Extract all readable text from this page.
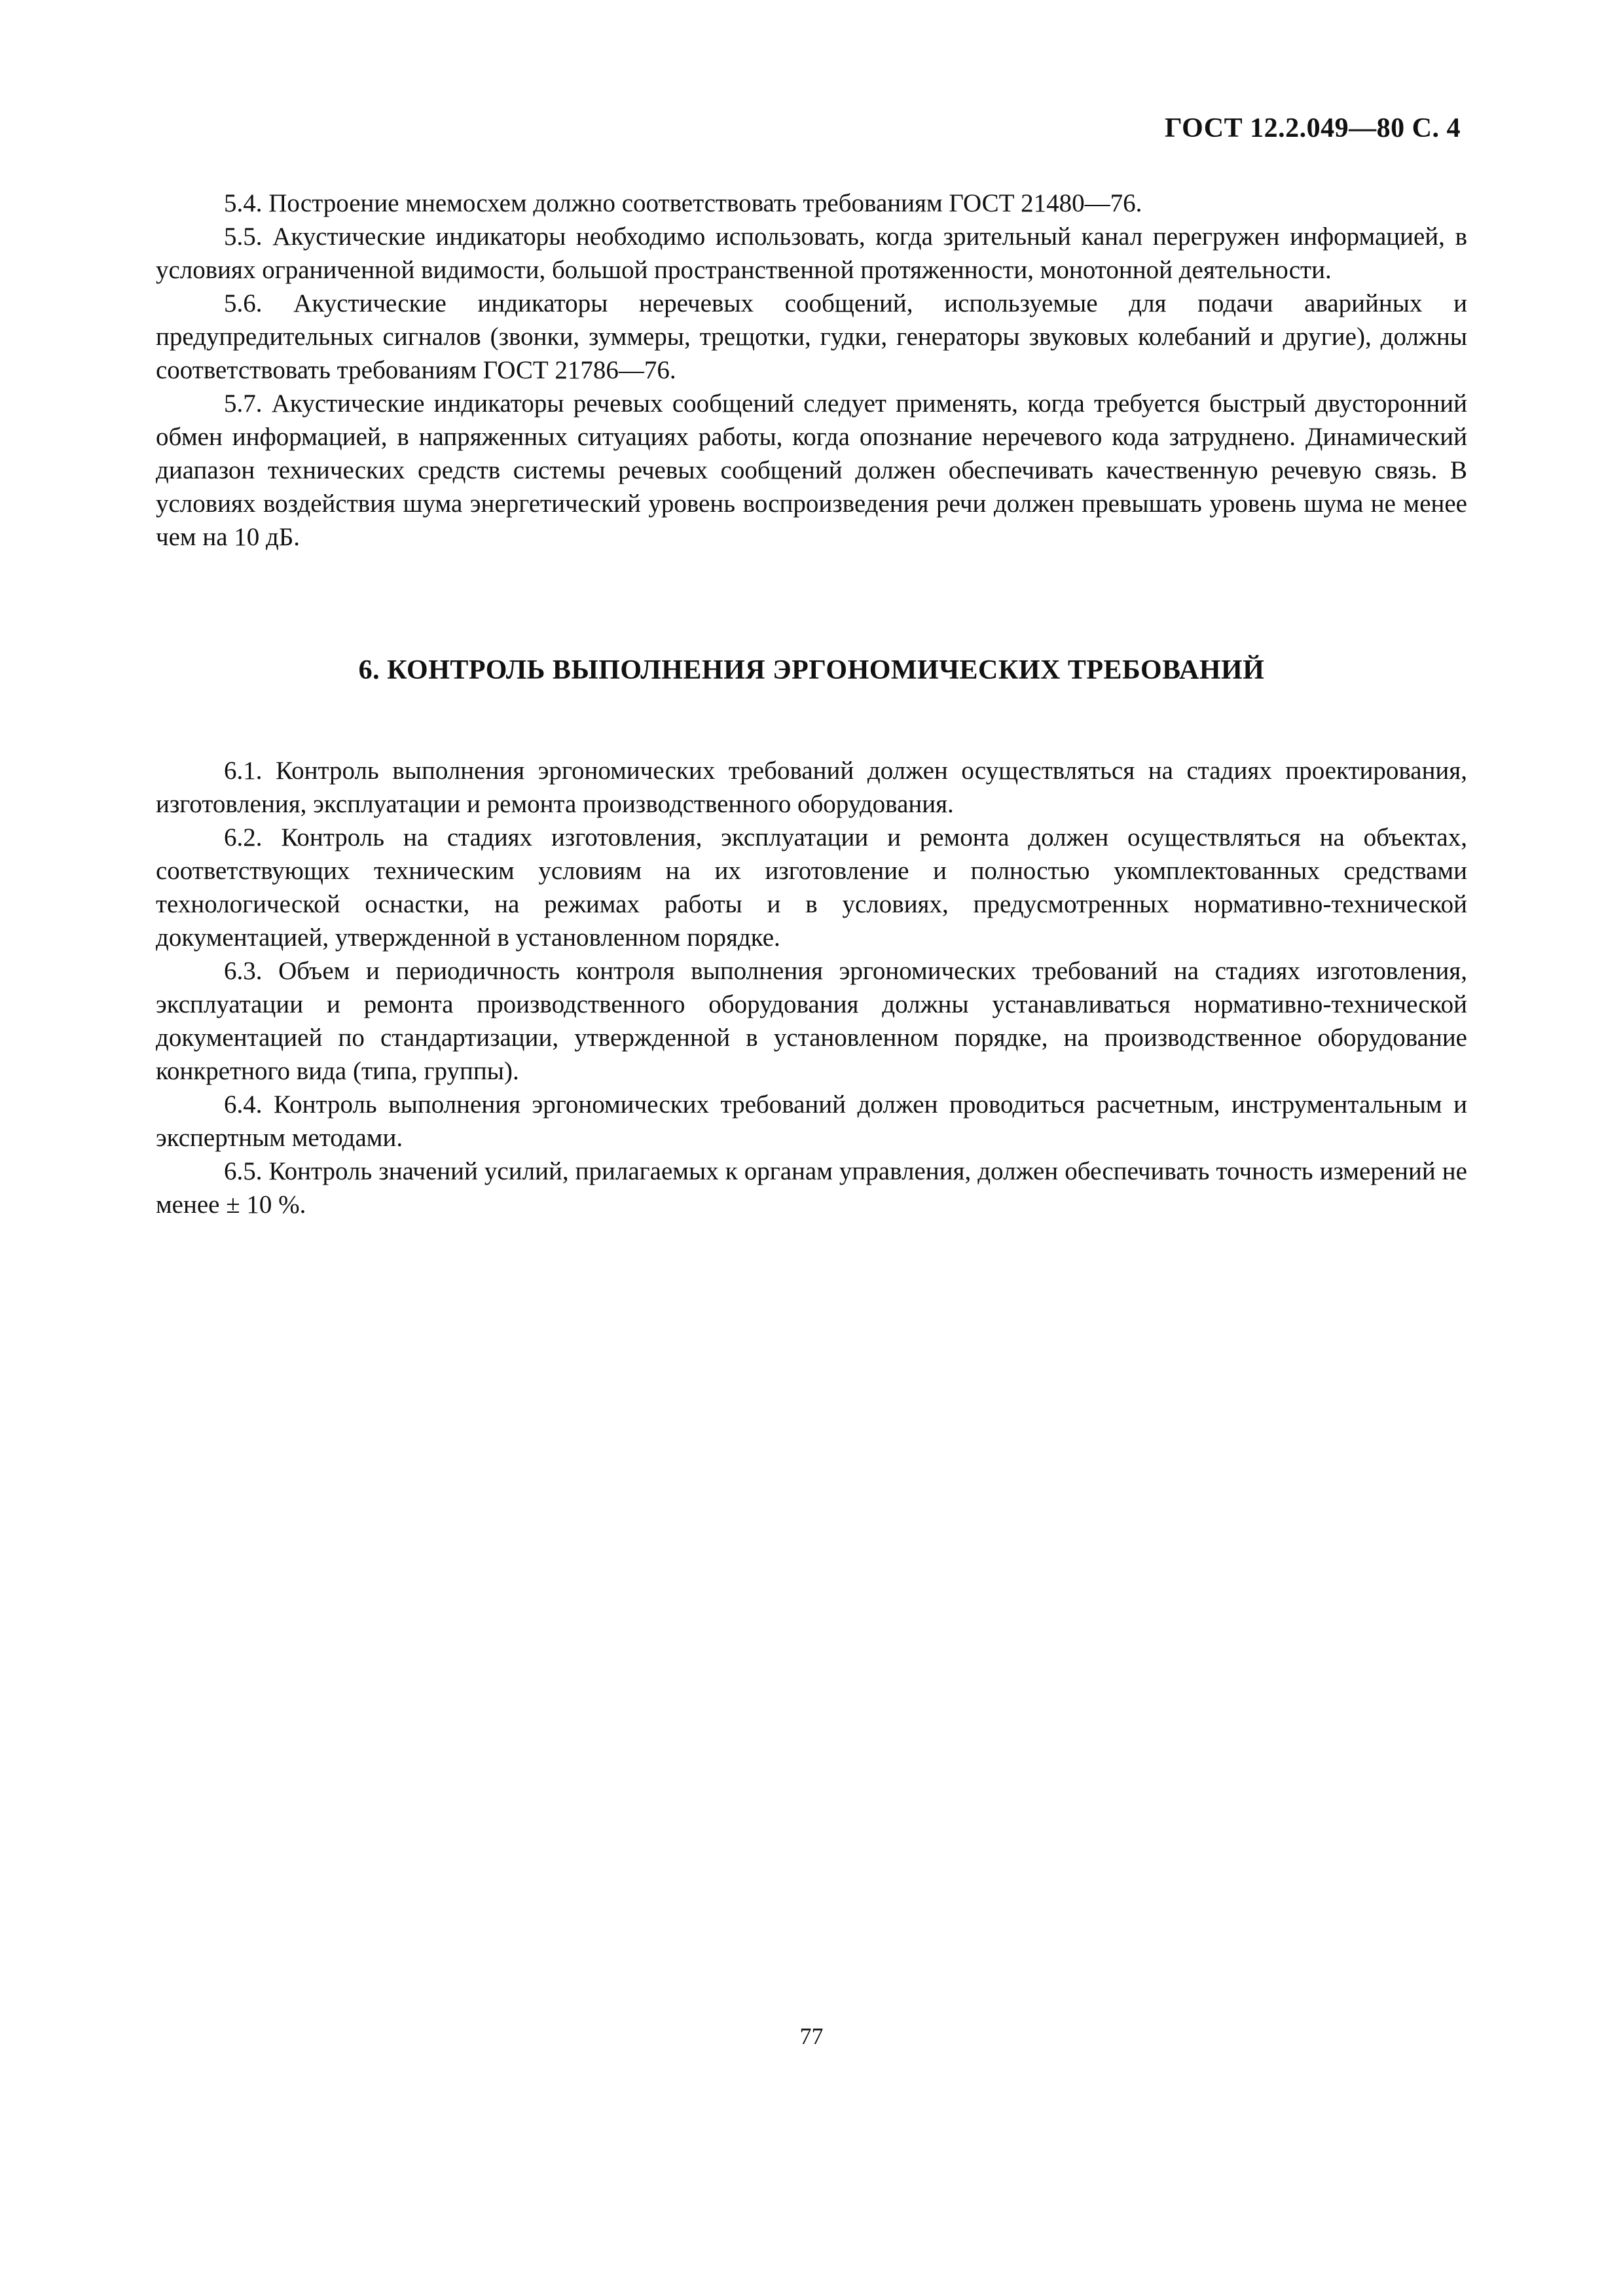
ГОСТ 12.2.049—80 С. 4

5.4. Построение мнемосхем должно соответствовать требованиям ГОСТ 21480—76.

5.5. Акустические индикаторы необходимо использовать, когда зрительный канал перегружен информацией, в условиях ограниченной видимости, большой пространственной протяженности, монотонной деятельности.

5.6. Акустические индикаторы неречевых сообщений, используемые для подачи аварийных и предупредительных сигналов (звонки, зуммеры, трещотки, гудки, генераторы звуковых колебаний и другие), должны соответствовать требованиям ГОСТ 21786—76.

5.7. Акустические индикаторы речевых сообщений следует применять, когда требуется быстрый двусторонний обмен информацией, в напряженных ситуациях работы, когда опознание неречевого кода затруднено. Динамический диапазон технических средств системы речевых сообщений должен обеспечивать качественную речевую связь. В условиях воздействия шума энергетический уровень воспроизведения речи должен превышать уровень шума не менее чем на 10 дБ.

6. КОНТРОЛЬ ВЫПОЛНЕНИЯ ЭРГОНОМИЧЕСКИХ ТРЕБОВАНИЙ

6.1. Контроль выполнения эргономических требований должен осуществляться на стадиях проектирования, изготовления, эксплуатации и ремонта производственного оборудования.

6.2. Контроль на стадиях изготовления, эксплуатации и ремонта должен осуществляться на объектах, соответствующих техническим условиям на их изготовление и полностью укомплектованных средствами технологической оснастки, на режимах работы и в условиях, предусмотренных нормативно-технической документацией, утвержденной в установленном порядке.

6.3. Объем и периодичность контроля выполнения эргономических требований на стадиях изготовления, эксплуатации и ремонта производственного оборудования должны устанавливаться нормативно-технической документацией по стандартизации, утвержденной в установленном порядке, на производственное оборудование конкретного вида (типа, группы).

6.4. Контроль выполнения эргономических требований должен проводиться расчетным, инструментальным и экспертным методами.

6.5. Контроль значений усилий, прилагаемых к органам управления, должен обеспечивать точность измерений не менее ± 10 %.

77
